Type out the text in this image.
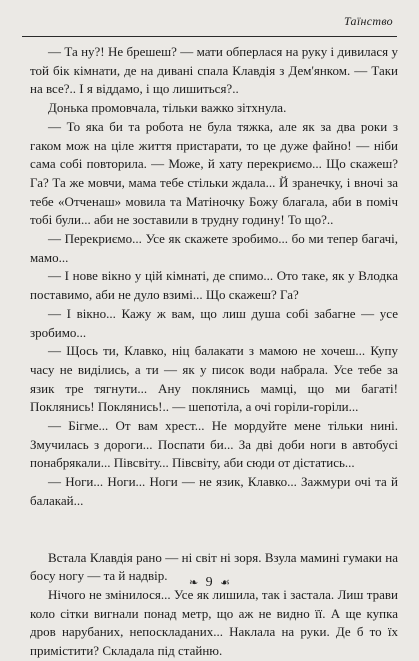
Таїнство

— Та ну?! Не брешеш? — мати обперлася на руку і дивилася у той бік кімнати, де на дивані спала Клавдія з Дем'янком. — Таки на все?.. І я віддамо, і що лишиться?..

Донька промовчала, тільки важко зітхнула.

— То яка би та робота не була тяжка, але як за два роки з гаком мож на ціле життя пристарати, то це дуже файно! — ніби сама собі повторила. — Може, й хату перекриємо... Що скажеш? Га? Та же мовчи, мама тебе стільки ждала... Й зранечку, і вночі за тебе «Отченаш» мовила та Матіночку Божу благала, аби в поміч тобі були... аби не зоставили в трудну годину! То що?..

— Перекриємо... Усе як скажете зробимо... бо ми тепер багачі, мамо...

— І нове вікно у цій кімнаті, де спимо... Ото таке, як у Влодка поставимо, аби не дуло взимі... Що скажеш? Га?

— І вікно... Кажу ж вам, що лиш душа собі забагне — усе зробимо...

— Щось ти, Клавко, ніц балакати з мамою не хочеш... Купу часу не виділись, а ти — як у писок води набрала. Усе тебе за язик тре тягнути... Ану поклянись мамці, що ми багаті! Поклянись! Поклянись!.. — шепотіла, а очі горіли-горіли...

— Бігме... От вам хрест... Не мордуйте мене тільки нині. Змучилась з дороги... Поспати би... За дві доби ноги в автобусі понабрякали... Півсвіту... Півсвіту, аби сюди от дістатись...

— Ноги... Ноги... Ноги — не язик, Клавко... Зажмури очі та й балакай...

Встала Клавдія рано — ні світ ні зоря. Взула мамині гумаки на босу ногу — та й надвір.

Нічого не змінилося... Усе як лишила, так і застала. Лиш трави коло сітки вигнали понад метр, що аж не видно її. А ще купка дров нарубаних, непоскладаних... Наклала на руки. Де б то їх примістити? Складала під стайню.

❧ 9 ☙
